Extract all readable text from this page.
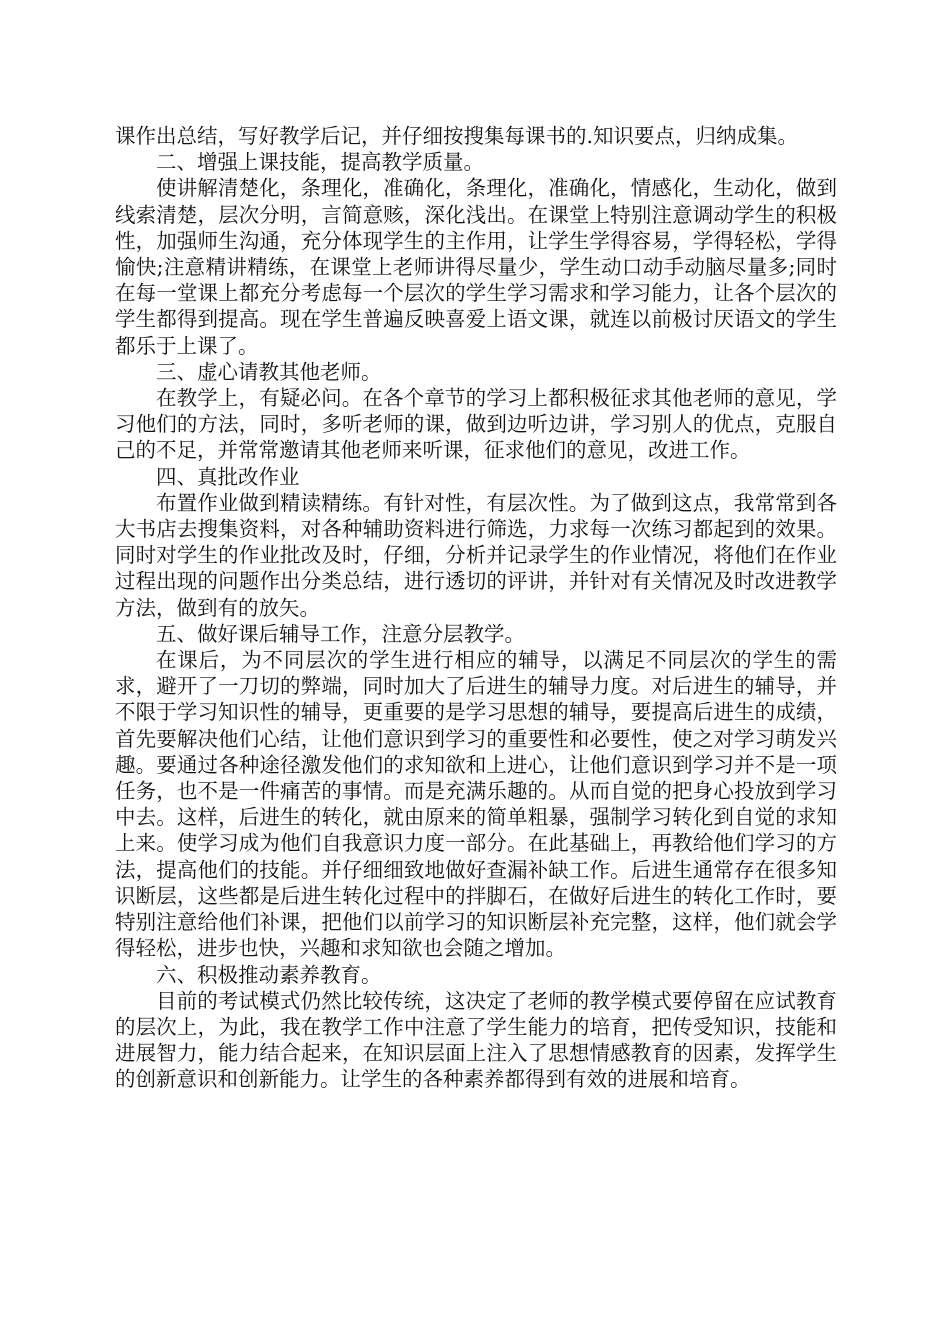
课作出总结，写好教学后记，并仔细按搜集每课书的.知识要点，归纳成集。

二、增强上课技能，提高教学质量。

使讲解清楚化，条理化，准确化，条理化，准确化，情感化，生动化，做到线索清楚，层次分明，言简意赅，深化浅出。在课堂上特别注意调动学生的积极性，加强师生沟通，充分体现学生的主作用，让学生学得容易，学得轻松，学得愉快;注意精讲精练，在课堂上老师讲得尽量少，学生动口动手动脑尽量多;同时在每一堂课上都充分考虑每一个层次的学生学习需求和学习能力，让各个层次的学生都得到提高。现在学生普遍反映喜爱上语文课，就连以前极讨厌语文的学生都乐于上课了。

三、虚心请教其他老师。

在教学上，有疑必问。在各个章节的学习上都积极征求其他老师的意见，学习他们的方法，同时，多听老师的课，做到边听边讲，学习别人的优点，克服自己的不足，并常常邀请其他老师来听课，征求他们的意见，改进工作。

四、真批改作业

布置作业做到精读精练。有针对性，有层次性。为了做到这点，我常常到各大书店去搜集资料，对各种辅助资料进行筛选，力求每一次练习都起到的效果。同时对学生的作业批改及时，仔细，分析并记录学生的作业情况，将他们在作业过程出现的问题作出分类总结，进行透切的评讲，并针对有关情况及时改进教学方法，做到有的放矢。

五、做好课后辅导工作，注意分层教学。

在课后，为不同层次的学生进行相应的辅导，以满足不同层次的学生的需求，避开了一刀切的弊端，同时加大了后进生的辅导力度。对后进生的辅导，并不限于学习知识性的辅导，更重要的是学习思想的辅导，要提高后进生的成绩，首先要解决他们心结，让他们意识到学习的重要性和必要性，使之对学习萌发兴趣。要通过各种途径激发他们的求知欲和上进心，让他们意识到学习并不是一项任务，也不是一件痛苦的事情。而是充满乐趣的。从而自觉的把身心投放到学习中去。这样，后进生的转化，就由原来的简单粗暴，强制学习转化到自觉的求知上来。使学习成为他们自我意识力度一部分。在此基础上，再教给他们学习的方法，提高他们的技能。并仔细细致地做好查漏补缺工作。后进生通常存在很多知识断层，这些都是后进生转化过程中的拌脚石，在做好后进生的转化工作时，要特别注意给他们补课，把他们以前学习的知识断层补充完整，这样，他们就会学得轻松，进步也快，兴趣和求知欲也会随之增加。

六、积极推动素养教育。

目前的考试模式仍然比较传统，这决定了老师的教学模式要停留在应试教育的层次上，为此，我在教学工作中注意了学生能力的培育，把传受知识，技能和进展智力，能力结合起来，在知识层面上注入了思想情感教育的因素，发挥学生的创新意识和创新能力。让学生的各种素养都得到有效的进展和培育。
